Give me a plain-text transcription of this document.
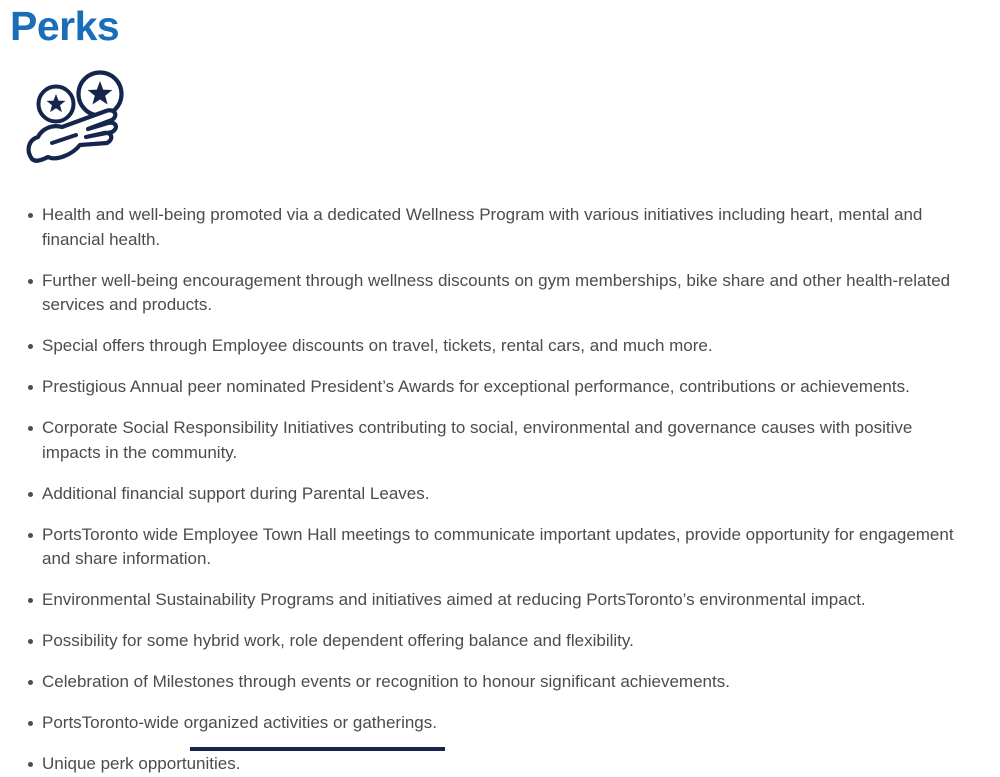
Perks
Health and well-being promoted via a dedicated Wellness Program with various initiatives including heart, mental and financial health.
Further well-being encouragement through wellness discounts on gym memberships, bike share and other health-related services and products.
Special offers through Employee discounts on travel, tickets, rental cars, and much more.
Prestigious Annual peer nominated President’s Awards for exceptional performance, contributions or achievements.
Corporate Social Responsibility Initiatives contributing to social, environmental and governance causes with positive impacts in the community.
Additional financial support during Parental Leaves.
PortsToronto wide Employee Town Hall meetings to communicate important updates, provide opportunity for engagement and share information.
Environmental Sustainability Programs and initiatives aimed at reducing PortsToronto’s environmental impact.
Possibility for some hybrid work, role dependent offering balance and flexibility.
Celebration of Milestones through events or recognition to honour significant achievements.
PortsToronto-wide organized activities or gatherings.
Unique perk opportunities.
